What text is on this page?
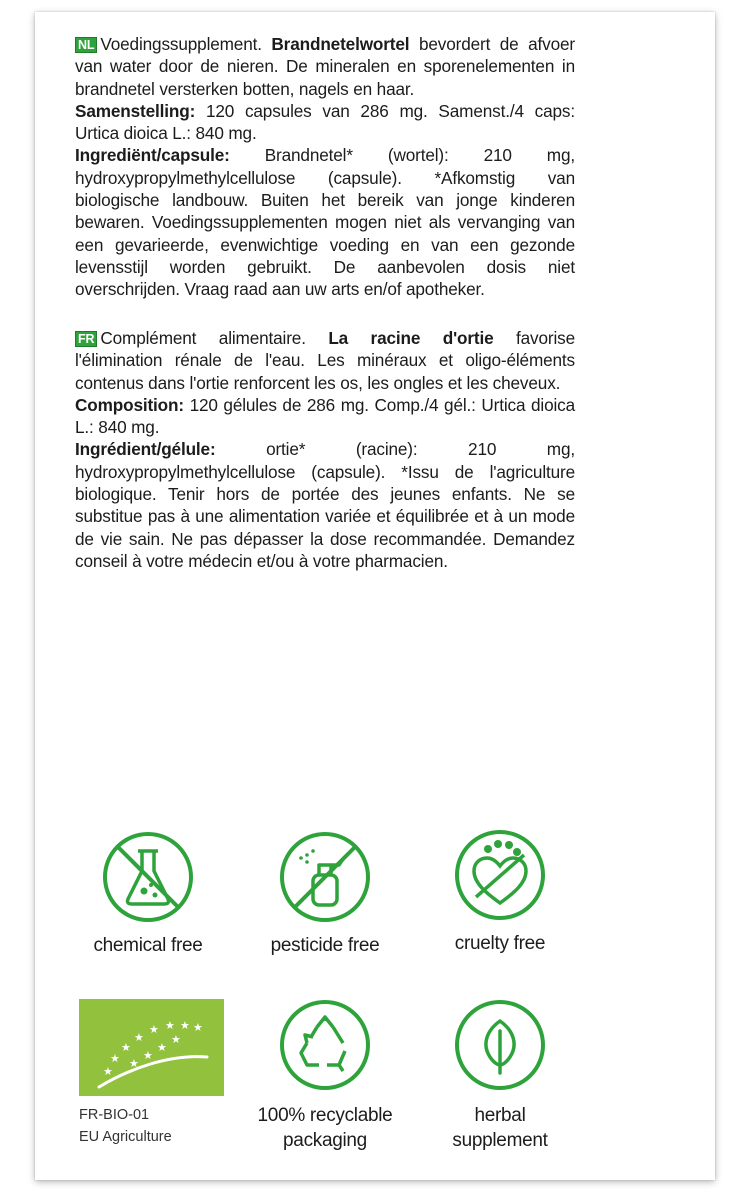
NL Voedingssupplement. Brandnetelwortel bevordert de afvoer van water door de nieren. De mineralen en sporenelementen in brandnetel versterken botten, nagels en haar.

Samenstelling: 120 capsules van 286 mg. Samenst./4 caps: Urtica dioica L.: 840 mg.

Ingrediënt/capsule: Brandnetel* (wortel): 210 mg, hydroxypropylmethylcellulose (capsule). *Afkomstig van biologische landbouw. Buiten het bereik van jonge kinderen bewaren. Voedingssupplementen mogen niet als vervanging van een gevarieerde, evenwichtige voeding en van een gezonde levensstijl worden gebruikt. De aanbevolen dosis niet overschrijden. Vraag raad aan uw arts en/of apotheker.

FR Complément alimentaire. La racine d'ortie favorise l'élimination rénale de l'eau. Les minéraux et oligo-éléments contenus dans l'ortie renforcent les os, les ongles et les cheveux.

Composition: 120 gélules de 286 mg. Comp./4 gél.: Urtica dioica L.: 840 mg.

Ingrédient/gélule: ortie* (racine): 210 mg, hydroxypropylmethylcellulose (capsule). *Issu de l'agriculture biologique. Tenir hors de portée des jeunes enfants. Ne se substitue pas à une alimentation variée et équilibrée et à un mode de vie sain. Ne pas dépasser la dose recommandée. Demandez conseil à votre médecin et/ou à votre pharmacien.

chemical free	pesticide free	cruelty free
★
★
★
★
★ ★ ★ ★
★
★
★
★
FR-BIO-01
EU Agriculture
100% recyclable
packaging
herbal
supplement
